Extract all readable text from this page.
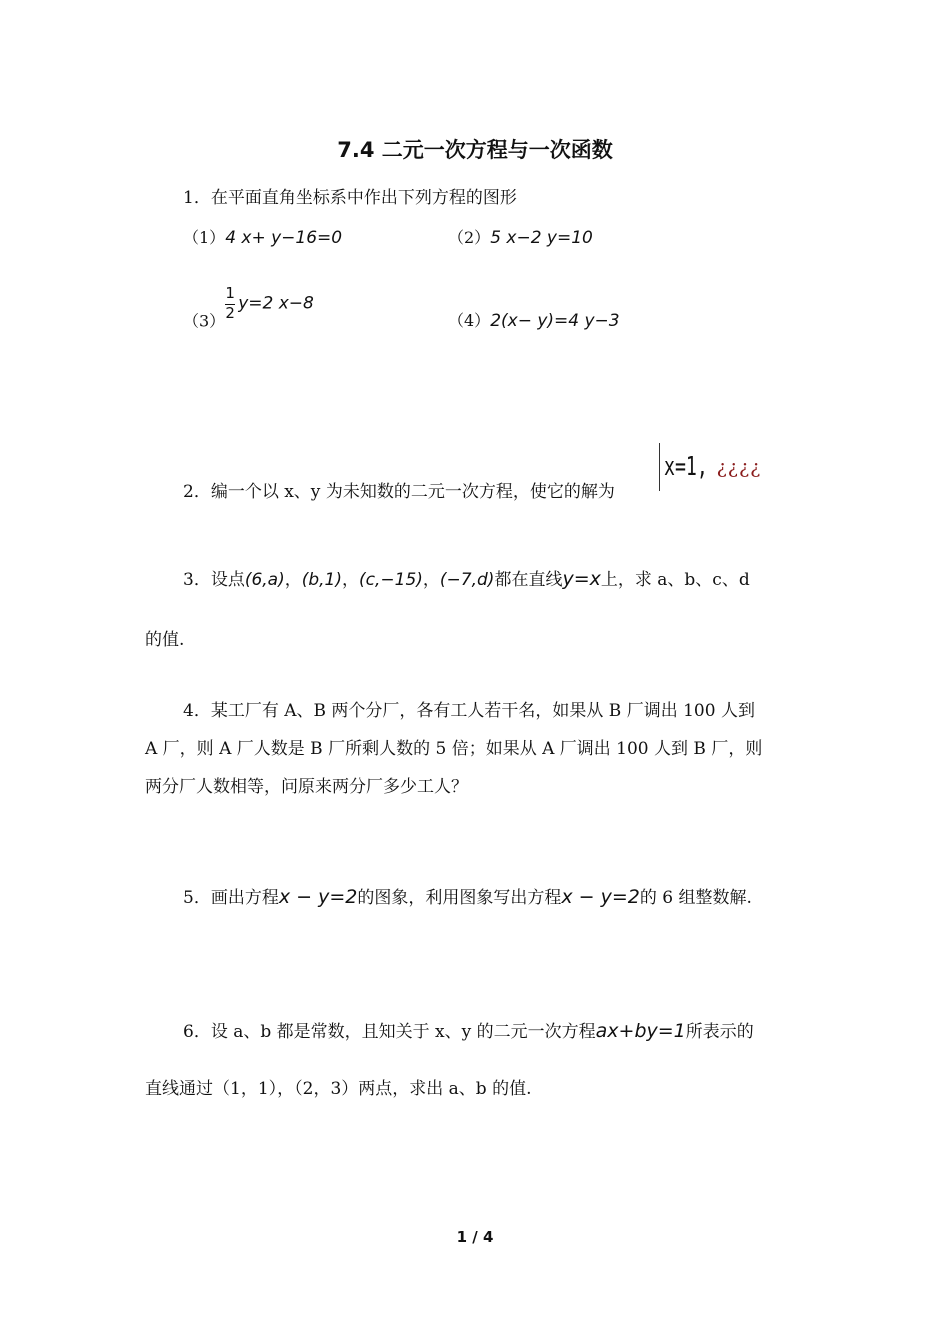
7.4 二元一次方程与一次函数
1．在平面直角坐标系中作出下列方程的图形
（1）4 x+ y−16=0	（2）5 x−2 y=10
$(3) \frac{1}{2} y=2$ x−8
（4）2(x− y)=4 y−3
2．编一个以 x、y 为未知数的二元一次方程，使它的解为
x=1, ¿¿¿¿
3．设点(6,a)，(b,1)，(c,−15)，(−7,d)都在直线y=x上，求 a、b、c、d
的值.
4．某工厂有 A、B 两个分厂，各有工人若干名，如果从 B 厂调出 100 人到
A 厂，则 A 厂人数是 B 厂所剩人数的 5 倍；如果从 A 厂调出 100 人到 B 厂，则
两分厂人数相等，问原来两分厂多少工人？
5．画出方程x − y=2的图象，利用图象写出方程x − y=2的 6 组整数解.
6．设 a、b 都是常数，且知关于 x、y 的二元一次方程ax+by=1所表示的
直线通过（1，1），（2，3）两点，求出 a、b 的值.
1 / 4
